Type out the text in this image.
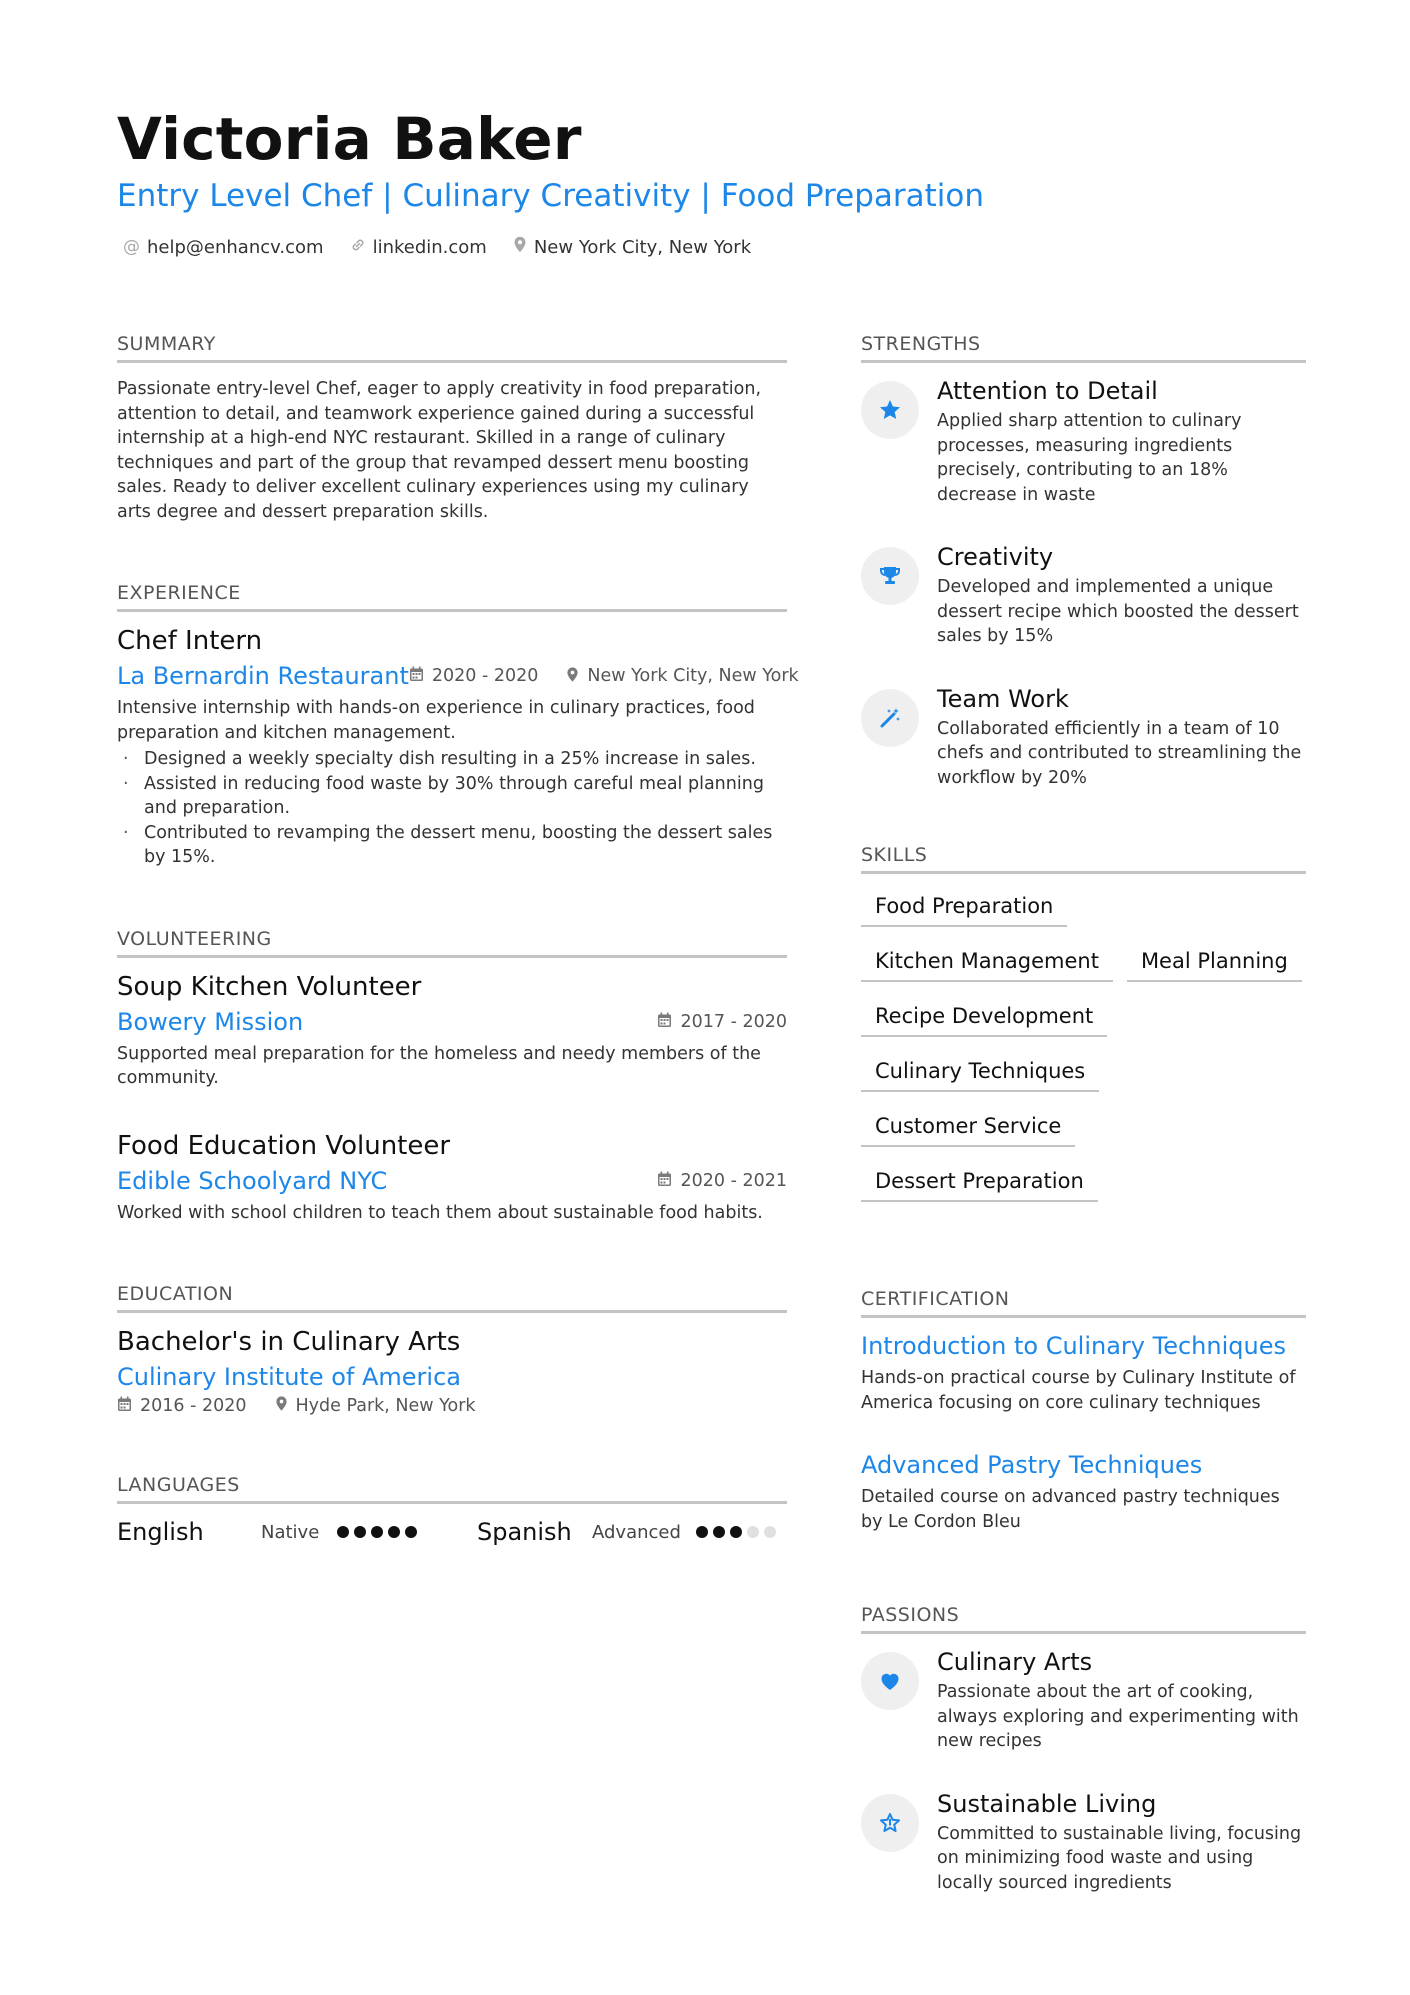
Victoria Baker
Entry Level Chef | Culinary Creativity | Food Preparation
@ help@enhancv.com	linkedin.com	New York City, New York
SUMMARY
Passionate entry-level Chef, eager to apply creativity in food preparation, attention to detail, and teamwork experience gained during a successful internship at a high-end NYC restaurant. Skilled in a range of culinary techniques and part of the group that revamped dessert menu boosting sales. Ready to deliver excellent culinary experiences using my culinary arts degree and dessert preparation skills.
EXPERIENCE
Chef Intern
La Bernardin Restaurant 2020 - 2020	New York City, New York
Intensive internship with hands-on experience in culinary practices, food preparation and kitchen management.
· Designed a weekly specialty dish resulting in a 25% increase in sales.
· Assisted in reducing food waste by 30% through careful meal planning and preparation.
· Contributed to revamping the dessert menu, boosting the dessert sales by 15%.
VOLUNTEERING
Soup Kitchen Volunteer
Bowery Mission	2017 - 2020
Supported meal preparation for the homeless and needy members of the community.
Food Education Volunteer
Edible Schoolyard NYC	2020 - 2021
Worked with school children to teach them about sustainable food habits.
EDUCATION
Bachelor's in Culinary Arts
Culinary Institute of America
2016 - 2020	Hyde Park, New York
LANGUAGES
English	Native	Spanish	Advanced
STRENGTHS
Attention to Detail
Applied sharp attention to culinary processes, measuring ingredients precisely, contributing to an 18% decrease in waste
Creativity
Developed and implemented a unique dessert recipe which boosted the dessert sales by 15%
Team Work
Collaborated efficiently in a team of 10 chefs and contributed to streamlining the workflow by 20%
SKILLS
Food Preparation
Kitchen Management	Meal Planning
Recipe Development
Culinary Techniques
Customer Service
Dessert Preparation
CERTIFICATION
Introduction to Culinary Techniques
Hands-on practical course by Culinary Institute of America focusing on core culinary techniques
Advanced Pastry Techniques
Detailed course on advanced pastry techniques by Le Cordon Bleu
PASSIONS
Culinary Arts
Passionate about the art of cooking, always exploring and experimenting with new recipes
Sustainable Living
Committed to sustainable living, focusing on minimizing food waste and using locally sourced ingredients
